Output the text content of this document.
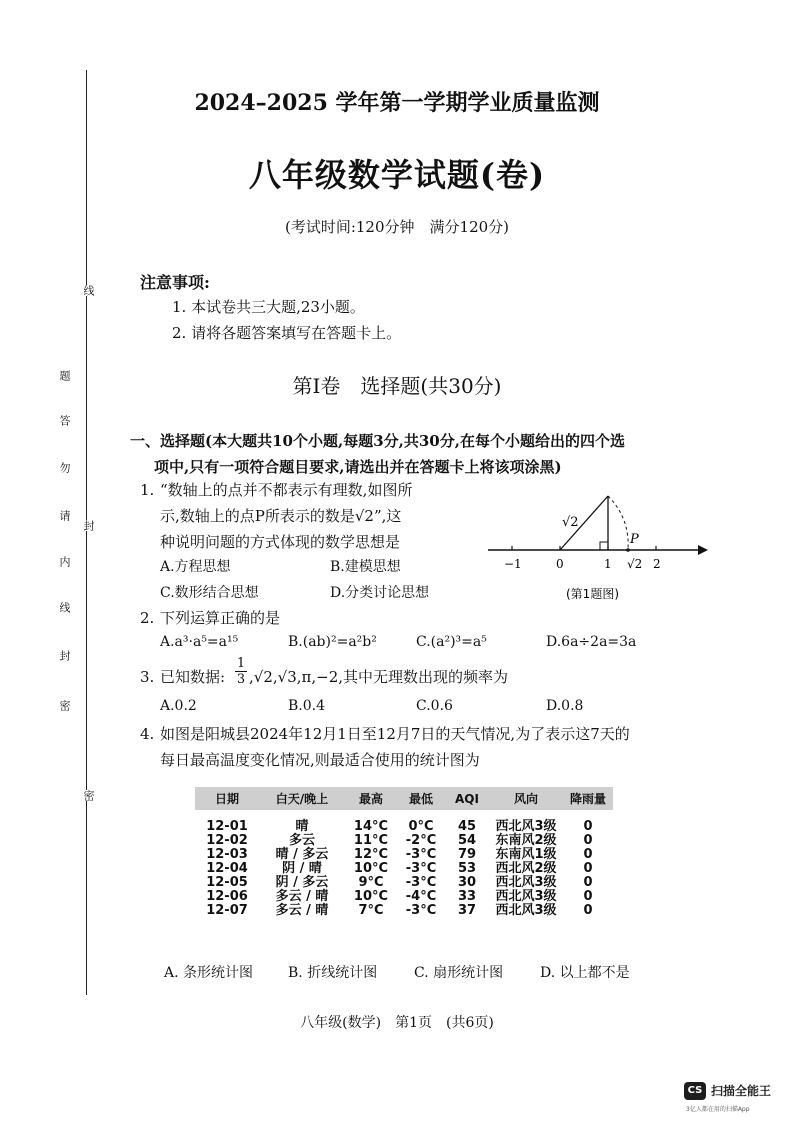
线
题
答
勿
请
封
内
线
封
密
密
2024–2025 学年第一学期学业质量监测
八年级数学试题(卷)
(考试时间:120分钟　满分120分)
注意事项:
1. 本试卷共三大题,23小题。
2. 请将各题答案填写在答题卡上。
第Ⅰ卷　选择题(共30分)
一、选择题(本大题共10个小题,每题3分,共30分,在每个小题给出的四个选
项中,只有一项符合题目要求,请选出并在答题卡上将该项涂黑)
1. “数轴上的点并不都表示有理数,如图所
示,数轴上的点P所表示的数是√2”,这
种说明问题的方式体现的数学思想是
A.方程思想	B.建模思想
C.数形结合思想	D.分类讨论思想
√2
P
−1	0	1 √2 2
(第1题图)
2. 下列运算正确的是
A.a³·a⁵=a¹⁵	B.(ab)²=a²b²	C.(a²)³=a⁵	D.6a÷2a=3a
3. 已知数据: $\frac{1}{3} ,√2,√3,\pi,-2$,其中无理数出现的频率为
A.0.2	B.0.4	C.0.6	D.0.8
4. 如图是阳城县2024年12月1日至12月7日的天气情况,为了表示这7天的
每日最高温度变化情况,则最适合使用的统计图为
日期	白天/晚上	最高	最低	AQI	风向	降雨量

12-01	晴	14°C	0°C	45	西北风3级	0
12-02	多云	11°C	-2°C	54	东南风2级	0
12-03	晴 / 多云	12°C	-3°C	79	东南风1级	0
12-04	阴 / 晴	10°C	-3°C	53	西北风2级	0
12-05	阴 / 多云	9°C	-3°C	30	西北风3级	0
12-06	多云 / 晴	10°C	-4°C	33	西北风3级	0
12-07	多云 / 晴	7°C	-3°C	37	西北风3级	0
A. 条形统计图 B. 折线统计图	C. 扇形统计图	D. 以上都不是
八年级(数学)　第1页　(共6页)
CS 扫描全能王
3亿人都在用的扫描App
